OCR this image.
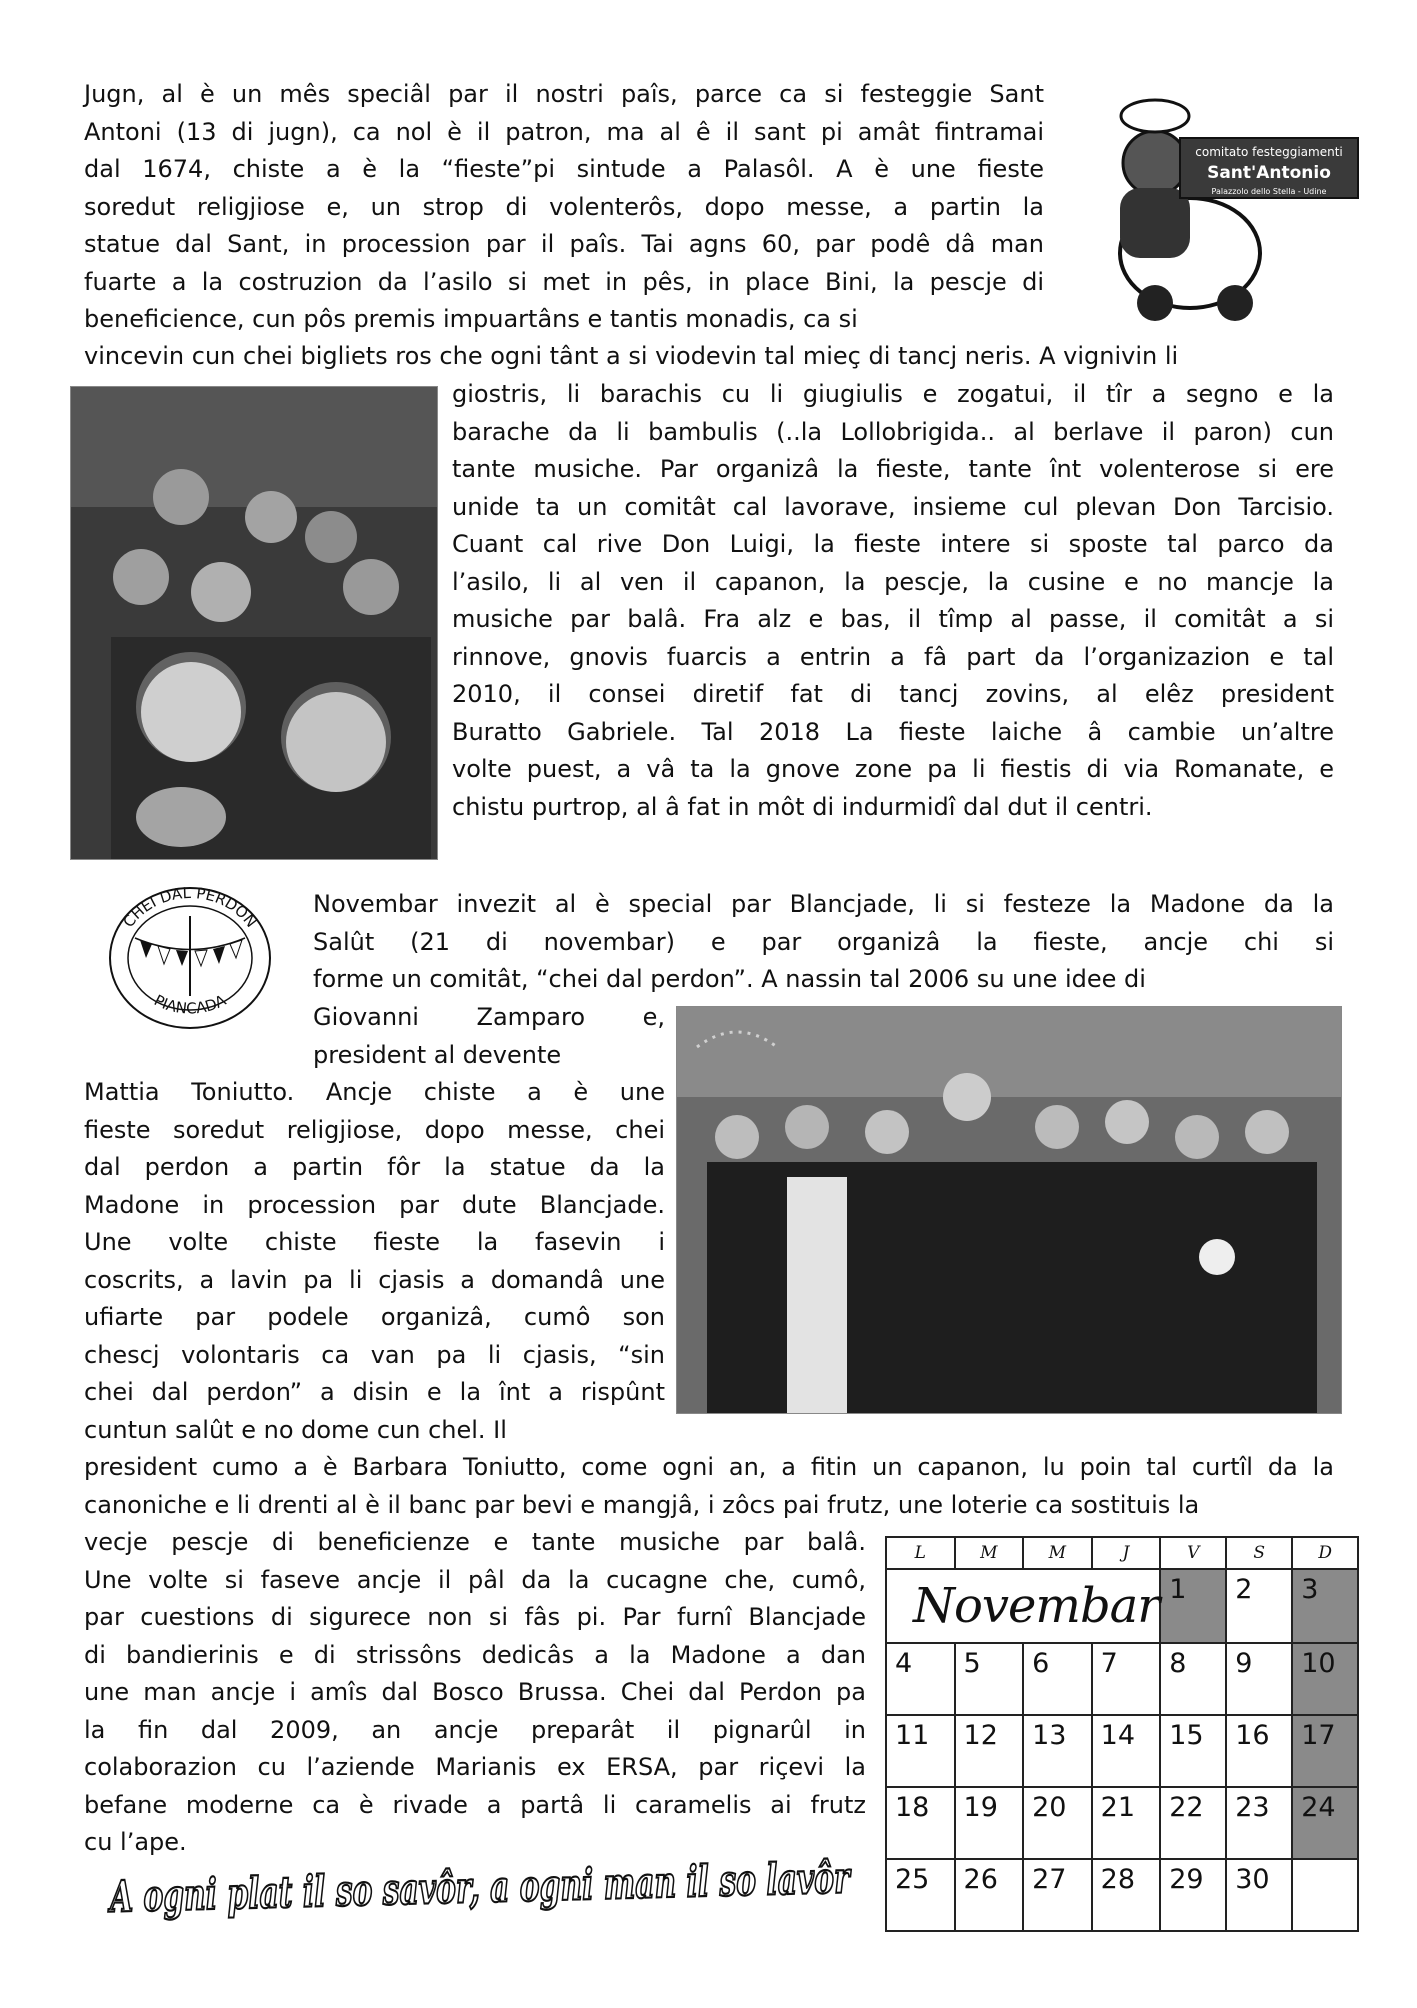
Jugn, al è un mês speciâl par il nostri paîs, parce ca si festeggie Sant
Antoni (13 di jugn), ca nol è il patron, ma al ê il sant pi amât fintramai
dal 1674, chiste a è la “fieste”pi sintude a Palasôl. A è une fieste
soredut religjiose e, un strop di volenterôs, dopo messe, a partin la
statue dal Sant, in procession par il paîs. Tai agns 60, par podê dâ man
fuarte a la costruzion da l’asilo si met in pês, in place Bini, la pescje di
beneficience, cun pôs premis impuartâns e tantis monadis, ca si

vincevin cun chei bigliets ros che ogni tânt a si viodevin tal mieç di tancj neris. A vignivin li

giostris, li barachis cu li giugiulis e zogatui, il tîr a segno e la
barache da li bambulis (..la Lollobrigida.. al berlave il paron) cun
tante musiche. Par organizâ la fieste, tante înt volenterose si ere
unide ta un comitât cal lavorave, insieme cul plevan Don Tarcisio.
Cuant cal rive Don Luigi, la fieste intere si sposte tal parco da
l’asilo, li al ven il capanon, la pescje, la cusine e no mancje la
musiche par balâ. Fra alz e bas, il tîmp al passe, il comitât a si
rinnove, gnovis fuarcis a entrin a fâ part da l’organizazion e tal
2010, il consei diretif fat di tancj zovins, al elêz president
Buratto Gabriele. Tal 2018 La fieste laiche â cambie un’altre
volte puest, a vâ ta la gnove zone pa li fiestis di via Romanate, e
chistu purtrop, al â fat in môt di indurmidî dal dut il centri.

comitato festeggiamenti
Sant'Antonio
Palazzolo dello Stella - Udine
CHEI DAL PERDON
PIANCADA

Novembar invezit al è special par Blancjade, li si festeze la Madone da la
Salût (21 di novembar) e par organizâ la fieste, ancje chi si
forme un comitât, “chei dal perdon”. A nassin tal 2006 su une idee di

Giovanni Zamparo e,
president al devente

Mattia Toniutto. Ancje chiste a è une
fieste soredut religjiose, dopo messe, chei
dal perdon a partin fôr la statue da la
Madone in procession par dute Blancjade.
Une volte chiste fieste la fasevin i
coscrits, a lavin pa li cjasis a domandâ une
ufiarte par podele organizâ, cumô son
chescj volontaris ca van pa li cjasis, “sin
chei dal perdon” a disin e la înt a rispûnt
cuntun salût e no dome cun chel. Il

president cumo a è Barbara Toniutto, come ogni an, a fitin un capanon, lu poin tal curtîl da la
canoniche e li drenti al è il banc par bevi e mangjâ, i zôcs pai frutz, une loterie ca sostituis la

vecje pescje di beneficienze e tante musiche par balâ.
Une volte si faseve ancje il pâl da la cucagne che, cumô,
par cuestions di sigurece non si fâs pi. Par furnî Blancjade
di bandierinis e di strissôns dedicâs a la Madone a dan
une man ancje i amîs dal Bosco Brussa. Chei dal Perdon pa
la fin dal 2009, an ancje preparât il pignarûl in
colaborazion cu l’aziende Marianis ex ERSA, par riçevi la
befane moderne ca è rivade a partâ li caramelis ai frutz
cu l’ape.

L	M	M	J	V	S	D
Novembar				1	2	3
4	5	6	7	8	9	10
11	12	13	14	15	16	17
18	19	20	21	22	23	24
25	26	27	28	29	30	
A ogni plat il so savôr, a ogni man
